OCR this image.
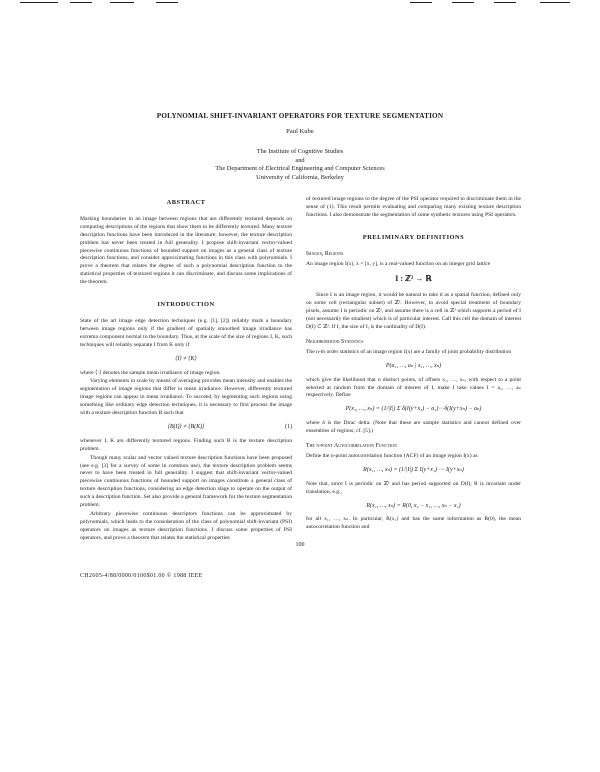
POLYNOMIAL SHIFT-INVARIANT OPERATORS FOR TEXTURE SEGMENTATION
Paul Kube
The Institute of Cognitive Studies
and
The Department of Electrical Engineering and Computer Sciences
University of California, Berkeley
ABSTRACT

Marking boundaries in an image between regions that are differently textured depends on computing descriptions of the regions that show them to be differently textured. Many texture description functions have been introduced in the literature; however, the texture description problem has never been treated in full generality. I propose shift-invariant vector-valued piecewise continuous functions of bounded support on images as a general class of texture description functions, and consider approximating functions in this class with polynomials. I prove a theorem that relates the degree of such a polynomial description function to the statistical properties of textured regions it can discriminate, and discuss some implications of the theorem.

INTRODUCTION

State of the art image edge detection techniques (e.g. [1], [2]) reliably mark a boundary between image regions only if the gradient of spatially smoothed image irradiance has extrema component normal to the boundary. Thus, at the scale of the size of regions I, K, such techniques will reliably separate I from K only if

⟨I⟩ ≠ ⟨K⟩

where ⟨·⟩ denotes the sample mean irradiance of image region.

Varying elements in scale by means of averaging provides mean intensity and enables the segmentation of image regions that differ in mean irradiance. However, differently textured image regions can appear in mean irradiance. To succeed, by segmenting such regions using something like ordinary edge detection techniques, it is necessary to first process the image with a texture description function B such that

⟨B(I)⟩ ≠ ⟨B(K)⟩	(1)

whenever I, K are differently textured regions. Finding such B is the texture description problem.

Though many scalar and vector valued texture description functions have been proposed (see e.g. [3] for a survey of some in common use), the texture description problem seems never to have been treated in full generality. I suggest that shift-invariant vector-valued piecewise continuous functions of bounded support on images constitute a general class of texture description functions, considering an edge detection stage to operate on the output of such a description function. Set also provide a general framework for the texture segmentation problem.

Arbitrary piecewise continuous descriptors functions can be approximated by polynomials, which leads to the consideration of the class of polynomial shift-invariant (PSI) operators on images as texture description functions. I discuss some properties of PSI operators, and prove a theorem that relates the statistical properties

of textured image regions to the degree of the PSI operator required to discriminate them in the sense of (1). This result permits evaluating and comparing many existing texture description functions. I also demonstrate the segmentation of some synthetic textures using PSI operators.

PRELIMINARY DEFINITIONS
Images, Regions

An image region I(x), x = [x, y], is a real-valued function on an integer grid lattice

I : ℤ² → ℝ

Since I is an image region, it would be natural to take it as a spatial function, defined only on some cell (rectangular subset) of ℤ². However, to avoid special treatment of boundary pixels, assume I is periodic on ℤ², and assume there is a cell in ℤ² which supports a period of I (not necessarily the smallest) which is of particular interest. Call this cell the domain of interest D(I) ⊂ ℤ². If I, the size of I, is the cardinality of D(I).

Neighborhood Statistics

The n-th order statistics of an image region I(x) are a family of joint probability distribution

P(a₁, …, aₙ | x₁, …, xₙ)

which give the likelihood that n distinct points, of offsets x₁, …, xₙ, with respect to a point selected at random from the domain of interest of I, make I take values I = a₁, …, aₙ respectively. Define

P(x₁, …, xₙ) = (1/|I|) Σ δ(I(y+x₁) − a₁)⋯δ(I(y+xₙ) − aₙ)

where δ is the Dirac delta. (Note that these are sample statistics and cannot defined over ensembles of regions; cf. [5].)

The n-point Autocorrelation Function

Define the n-point autocorrelation function (ACF) of an image region I(x) as

R(x₁, …, xₙ) = (1/|I|) Σ I(y+x₁) ⋯ I(y+xₙ)

Note that, since I is periodic on ℤ² and has period supported on D(I), R is invariant under translation, e.g.,

R(x₁, …, xₙ) = R(0, x₂ − x₁, …, xₙ − x₁)

for all x₁, …, xₙ. In particular, R(x₁) and has the same information as R(0), the mean autocorrelation function and

100
CH2605-4/88/0000/0100$01.00 © 1988 IEEE
